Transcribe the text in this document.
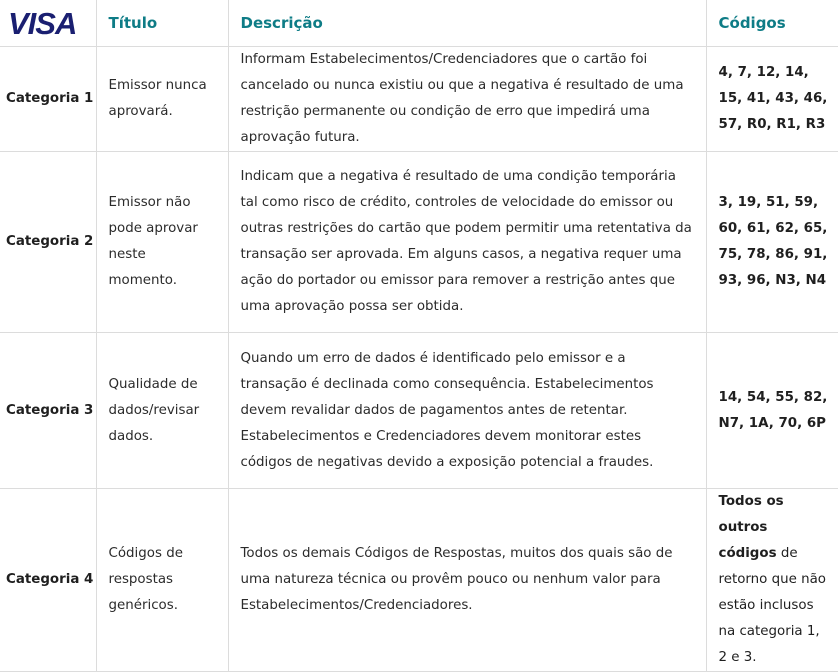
VISA	Título	Descrição	Códigos
Categoria 1	Emissor nunca aprovará.	Informam Estabelecimentos/Credenciadores que o cartão foi cancelado ou nunca existiu ou que a negativa é resultado de uma restrição permanente ou condição de erro que impedirá uma aprovação futura.	4, 7, 12, 14, 15, 41, 43, 46, 57, R0, R1, R3
Categoria 2	Emissor não pode aprovar neste momento.	Indicam que a negativa é resultado de uma condição temporária tal como risco de crédito, controles de velocidade do emissor ou outras restrições do cartão que podem permitir uma retentativa da transação ser aprovada. Em alguns casos, a negativa requer uma ação do portador ou emissor para remover a restrição antes que uma aprovação possa ser obtida.	3, 19, 51, 59, 60, 61, 62, 65, 75, 78, 86, 91, 93, 96, N3, N4
Categoria 3	Qualidade de dados/revisar dados.	Quando um erro de dados é identificado pelo emissor e a transação é declinada como consequência. Estabelecimentos devem revalidar dados de pagamentos antes de retentar. Estabelecimentos e Credenciadores devem monitorar estes códigos de negativas devido a exposição potencial a fraudes.	14, 54, 55, 82, N7, 1A, 70, 6P
Categoria 4	Códigos de respostas genéricos.	Todos os demais Códigos de Respostas, muitos dos quais são de uma natureza técnica ou provêm pouco ou nenhum valor para Estabelecimentos/Credenciadores.	Todos os outros códigos de retorno que não estão inclusos na categoria 1, 2 e 3.
